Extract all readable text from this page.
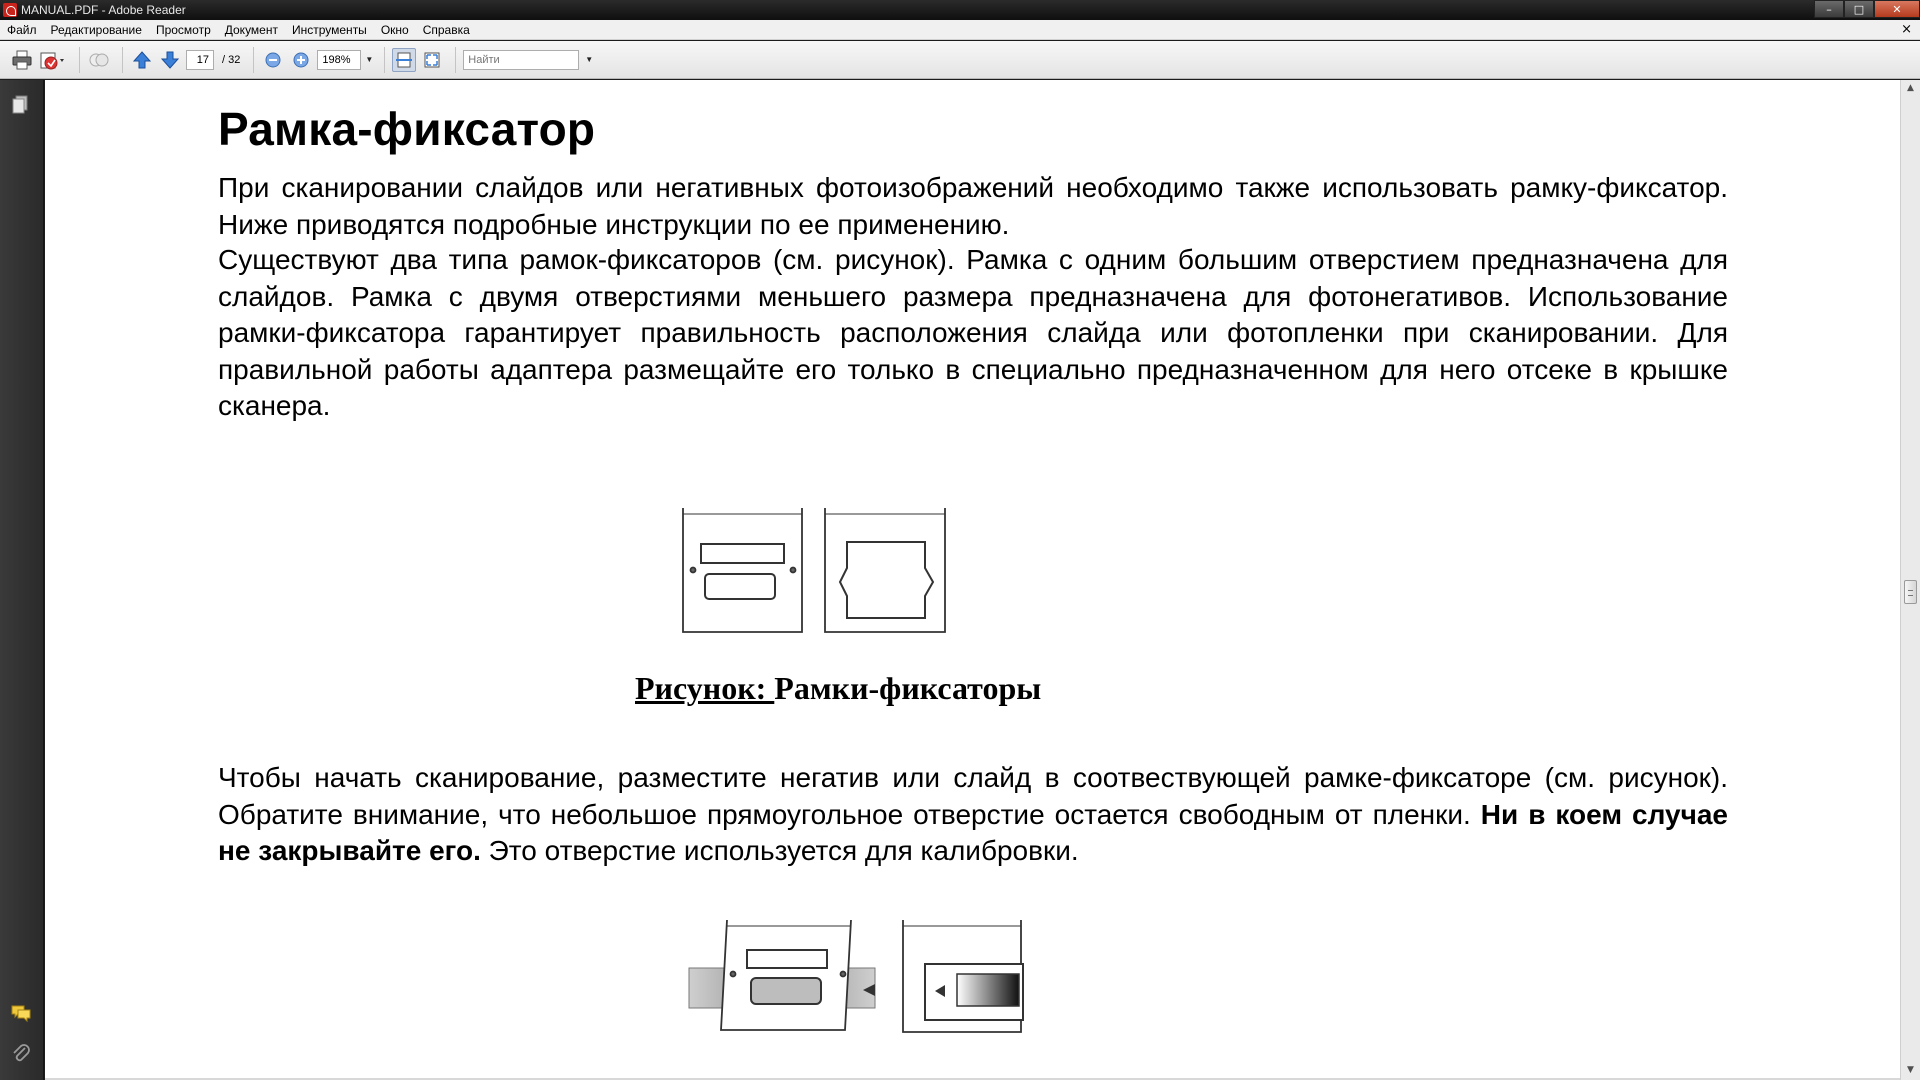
MANUAL.PDF - Adobe Reader	–	□	✕
Файл	Редактирование	Просмотр	Документ	Инструменты	Окно	Справка	×
17
/ 32
198%	▼
Найти	▼
Рамка-фиксатор
При сканировании слайдов или негативных фотоизображений необходимо также использовать рамку-фиксатор. Ниже приводятся подробные инструкции по ее применению.
Существуют два типа рамок-фиксаторов (см. рисунок). Рамка с одним большим отверстием предназначена для слайдов. Рамка с двумя отверстиями меньшего размера предназначена для фотонегативов. Использование рамки-фиксатора гарантирует правильность расположения слайда или фотопленки при сканировании. Для правильной работы адаптера размещайте его только в специально предназначенном для него отсеке в крышке сканера.
Рисунок: Рамки-фиксаторы
Чтобы начать сканирование, разместите негатив или слайд в соотвествующей рамке-фиксаторе (см. рисунок). Обратите внимание, что небольшое прямоугольное отверстие остается свободным от пленки. Ни в коем случае не закрывайте его. Это отверстие используется для калибровки.
▲
▼
